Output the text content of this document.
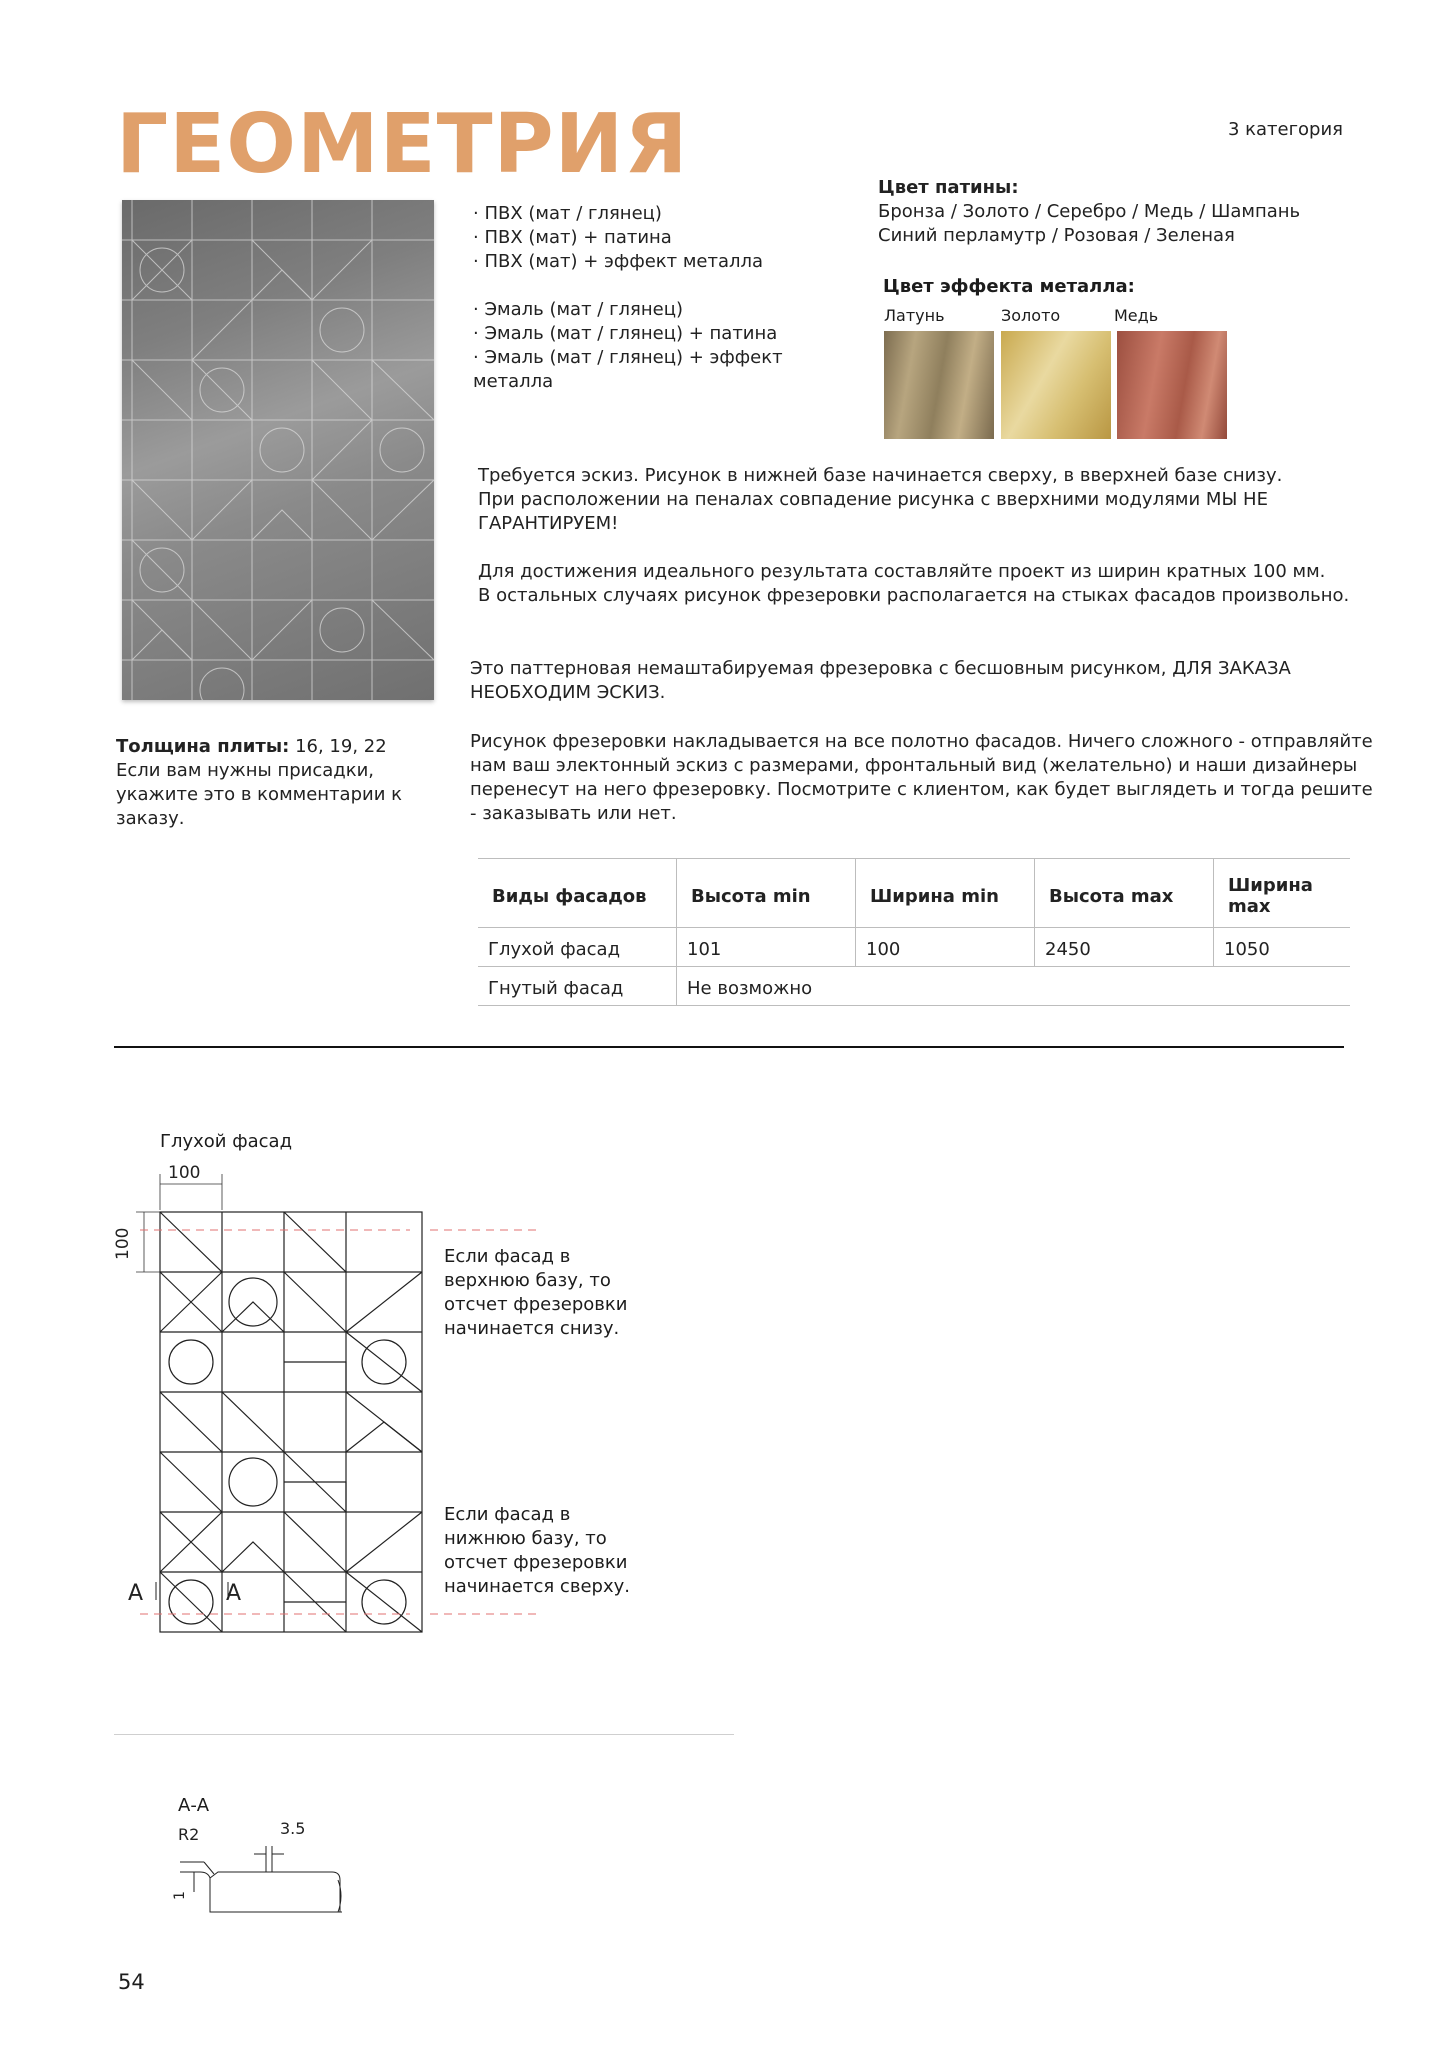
ГЕОМЕТРИЯ	3 категория
· ПВХ (мат / глянец)
· ПВХ (мат) + патина
· ПВХ (мат) + эффект металла

· Эмаль (мат / глянец)
· Эмаль (мат / глянец) + патина
· Эмаль (мат / глянец) + эффект
металла
Цвет патины:
Бронза / Золото / Серебро / Медь / Шампань
Синий перламутр / Розовая / Зеленая
Цвет эффекта металла:
Латунь	Золото	Медь
Требуется эскиз. Рисунок в нижней базе начинается сверху, в вверхней базе снизу.
При расположении на пеналах совпадение рисунка с вверхними модулями МЫ НЕ
ГАРАНТИРУЕМ!
Для достижения идеального результата составляйте проект из ширин кратных 100 мм.
В остальных случаях рисунок фрезеровки располагается на стыках фасадов произвольно.
Это паттерновая немаштабируемая фрезеровка с бесшовным рисунком, ДЛЯ ЗАКАЗА
НЕОБХОДИМ ЭСКИЗ.
Рисунок фрезеровки накладывается на все полотно фасадов. Ничего сложного - отправляйте
нам ваш электонный эскиз с размерами, фронтальный вид (желательно) и наши дизайнеры
перенесут на него фрезеровку. Посмотрите с клиентом, как будет выглядеть и тогда решите
- заказывать или нет.
Толщина плиты: 16, 19, 22
Если вам нужны присадки,
укажите это в комментарии к
заказу.
Виды фасадов	Высота min	Ширина min	Высота max	Ширина max
Глухой фасад	101	100	2450	1050
Гнутый фасад	Не возможно			
Глухой фасад
100
100
A	A
Если фасад в
верхнюю базу, то
отсчет фрезеровки
начинается снизу.
Если фасад в
нижнюю базу, то
отсчет фрезеровки
начинается сверху.
А-А
R2	3.5
1
54
